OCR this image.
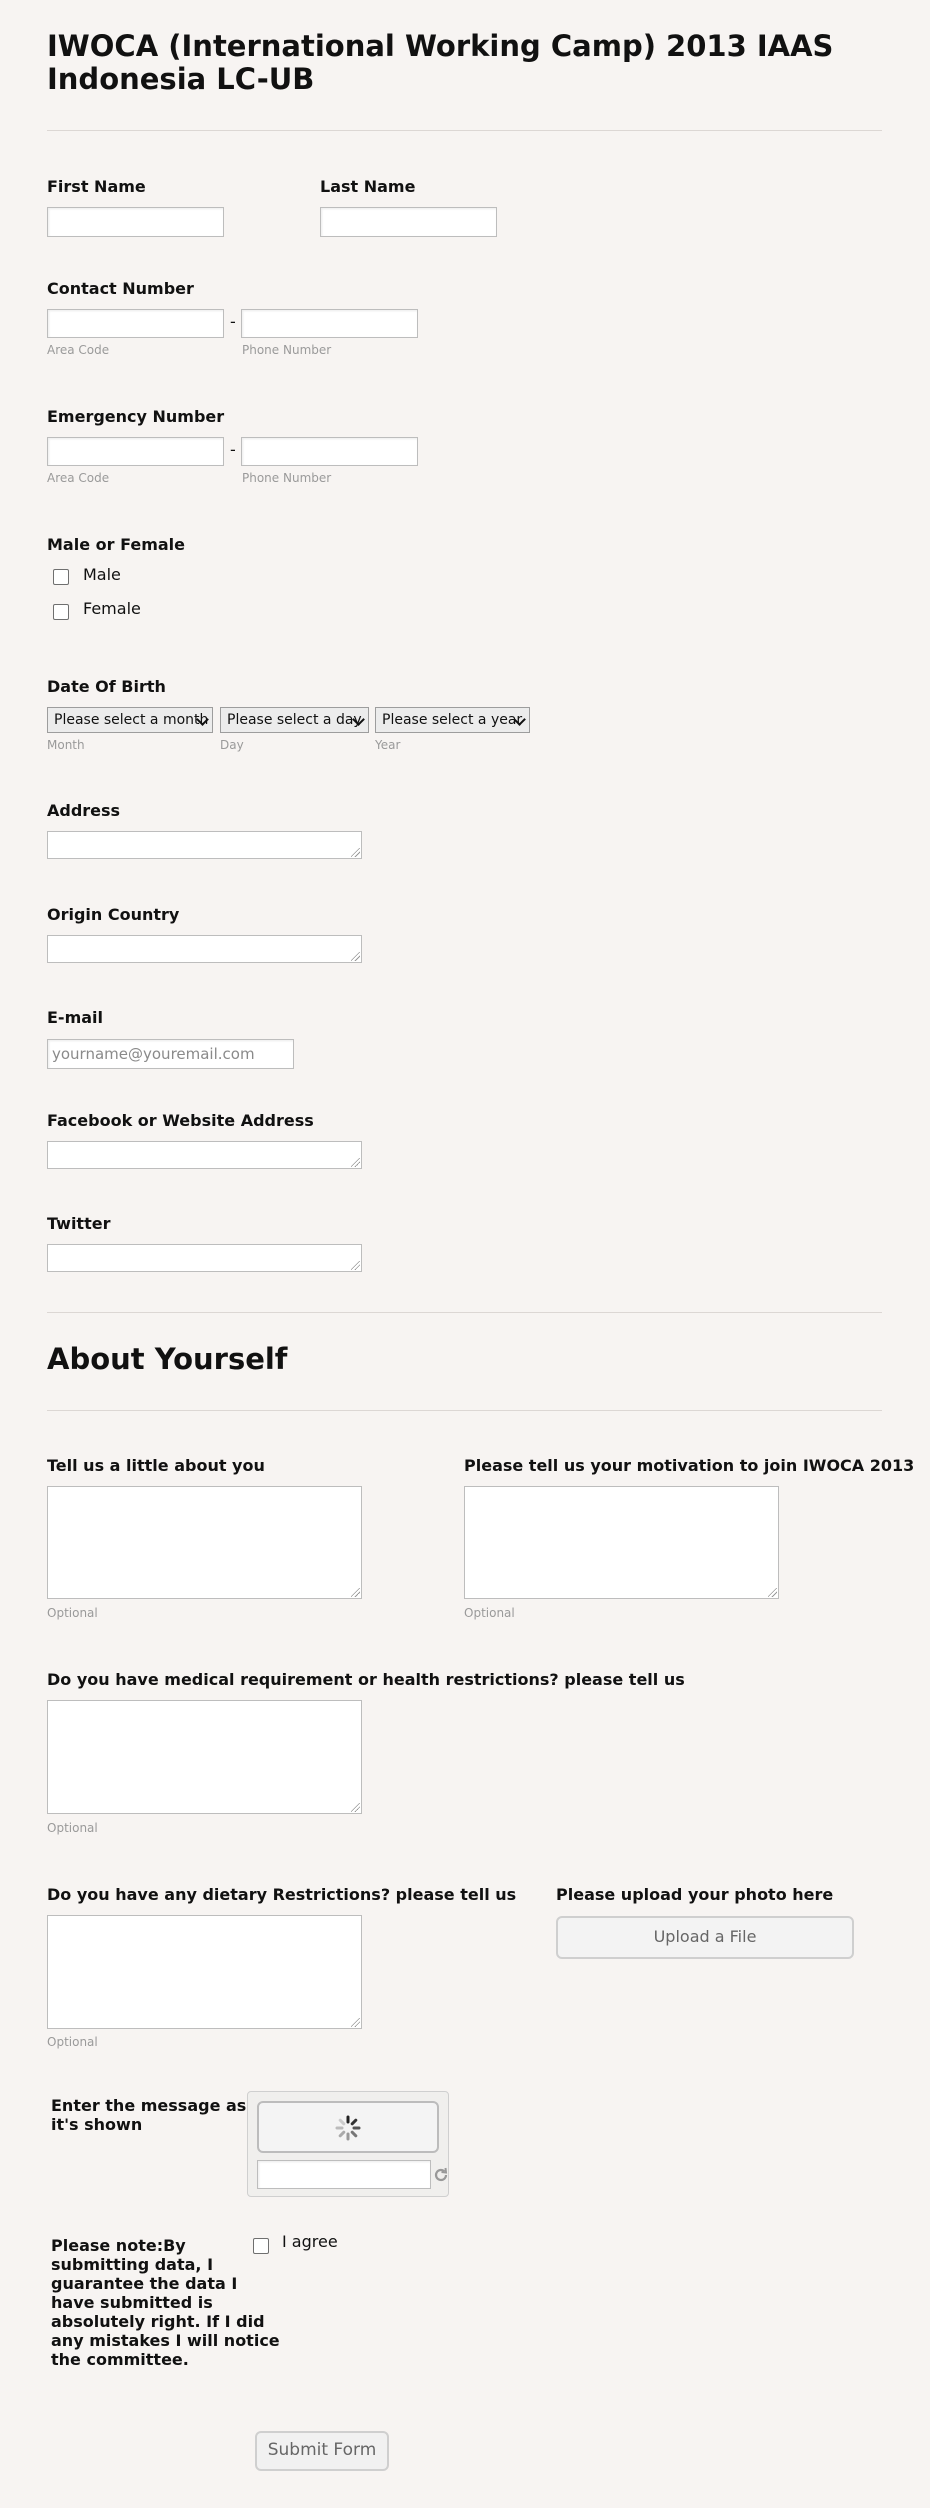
IWOCA (International Working Camp) 2013 IAAS Indonesia LC-UB
First Name	Last Name
Contact Number
-
Area Code	Phone Number
Emergency Number
-
Area Code	Phone Number
Male or Female
Male
Female
Date Of Birth
Please select a month	Please select a day	Please select a year
Month	Day	Year
Address
Origin Country
E-mail
yourname@youremail.com
Facebook or Website Address
Twitter
About Yourself
Tell us a little about you
Optional
Please tell us your motivation to join IWOCA 2013
Optional
Do you have medical requirement or health restrictions? please tell us
Optional
Do you have any dietary Restrictions? please tell us
Optional
Please upload your photo here
Upload a File
Enter the message as it's shown
Please note:By submitting data, I guarantee the data I have submitted is absolutely right. If I did any mistakes I will notice the committee.
I agree
Submit Form
